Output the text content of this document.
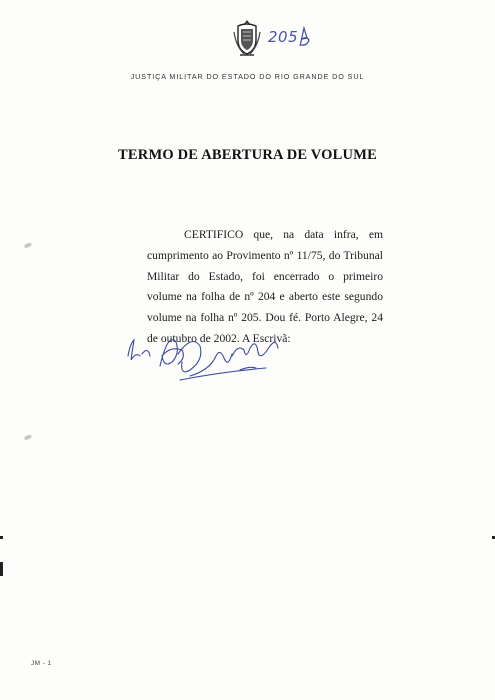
205
JUSTIÇA MILITAR DO ESTADO DO RIO GRANDE DO SUL
TERMO DE ABERTURA DE VOLUME
CERTIFICO que, na data infra, em cumprimento ao Provimento nº 11/75, do Tribunal Militar do Estado, foi encerrado o primeiro volume na folha de nº 204 e aberto este segundo volume na folha nº 205. Dou fé. Porto Alegre, 24 de outubro de 2002. A Escrivã:
JM - 1
